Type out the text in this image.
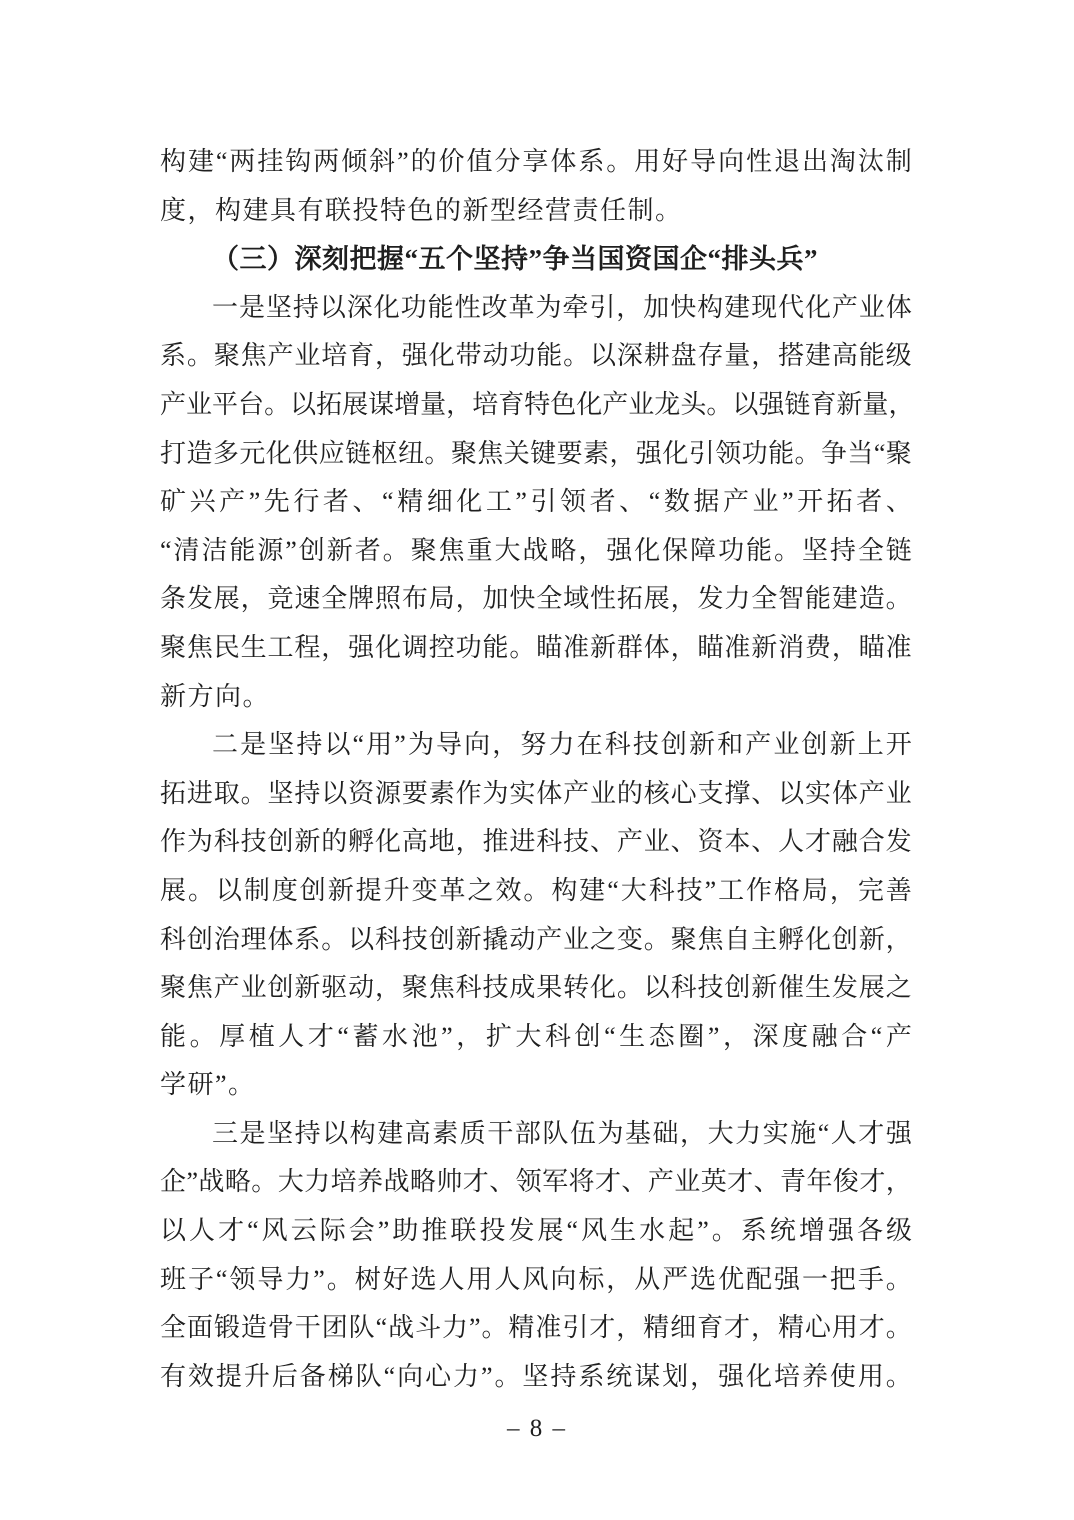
构 建 “ 两 挂 钩 两 倾 斜 ” 的 价 值 分 享 体 系 。 用 好 导 向 性 退 出 淘 汰 制
度，构建具有联投特色的新型经营责任制。
（三）深刻把握“五个坚持”争当国资国企“排头兵”
一 是 坚 持 以 深 化 功 能 性 改 革 为 牵 引 ， 加 快 构 建 现 代 化 产 业 体
系 。 聚 焦 产 业 培 育 ， 强 化 带 动 功 能 。 以 深 耕 盘 存 量 ， 搭 建 高 能 级
产 业 平 台 。 以 拓 展 谋 增 量 ， 培 育 特 色 化 产 业 龙 头 。 以 强 链 育 新 量 ，
打 造 多 元 化 供 应 链 枢 纽 。 聚 焦 关 键 要 素 ， 强 化 引 领 功 能 。 争 当 “ 聚
矿 兴 产 ” 先 行 者 、 “ 精 细 化 工 ” 引 领 者 、 “ 数 据 产 业 ” 开 拓 者 、
“ 清 洁 能 源 ” 创 新 者 。 聚 焦 重 大 战 略 ， 强 化 保 障 功 能 。 坚 持 全 链
条 发 展 ， 竞 速 全 牌 照 布 局 ， 加 快 全 域 性 拓 展 ， 发 力 全 智 能 建 造 。
聚 焦 民 生 工 程 ， 强 化 调 控 功 能 。 瞄 准 新 群 体 ， 瞄 准 新 消 费 ， 瞄 准
新方向。
二 是 坚 持 以 “ 用 ” 为 导 向 ， 努 力 在 科 技 创 新 和 产 业 创 新 上 开
拓 进 取 。 坚 持 以 资 源 要 素 作 为 实 体 产 业 的 核 心 支 撑 、 以 实 体 产 业
作 为 科 技 创 新 的 孵 化 高 地 ， 推 进 科 技 、 产 业 、 资 本 、 人 才 融 合 发
展 。 以 制 度 创 新 提 升 变 革 之 效 。 构 建 “ 大 科 技 ” 工 作 格 局 ， 完 善
科 创 治 理 体 系 。 以 科 技 创 新 撬 动 产 业 之 变 。 聚 焦 自 主 孵 化 创 新 ，
聚 焦 产 业 创 新 驱 动 ， 聚 焦 科 技 成 果 转 化 。 以 科 技 创 新 催 生 发 展 之
能 。 厚 植 人 才 “ 蓄 水 池 ” ， 扩 大 科 创 “ 生 态 圈 ” ， 深 度 融 合 “ 产
学研”。
三 是 坚 持 以 构 建 高 素 质 干 部 队 伍 为 基 础 ， 大 力 实 施 “ 人 才 强
企 ” 战 略 。 大 力 培 养 战 略 帅 才 、 领 军 将 才 、 产 业 英 才 、 青 年 俊 才 ，
以 人 才 “ 风 云 际 会 ” 助 推 联 投 发 展 “ 风 生 水 起 ” 。 系 统 增 强 各 级
班 子 “ 领 导 力 ” 。 树 好 选 人 用 人 风 向 标 ， 从 严 选 优 配 强 一 把 手 。
全 面 锻 造 骨 干 团 队 “ 战 斗 力 ” 。 精 准 引 才 ， 精 细 育 才 ， 精 心 用 才 。
有 效 提 升 后 备 梯 队 “ 向 心 力 ” 。 坚 持 系 统 谋 划 ， 强 化 培 养 使 用 。
– 8 –
